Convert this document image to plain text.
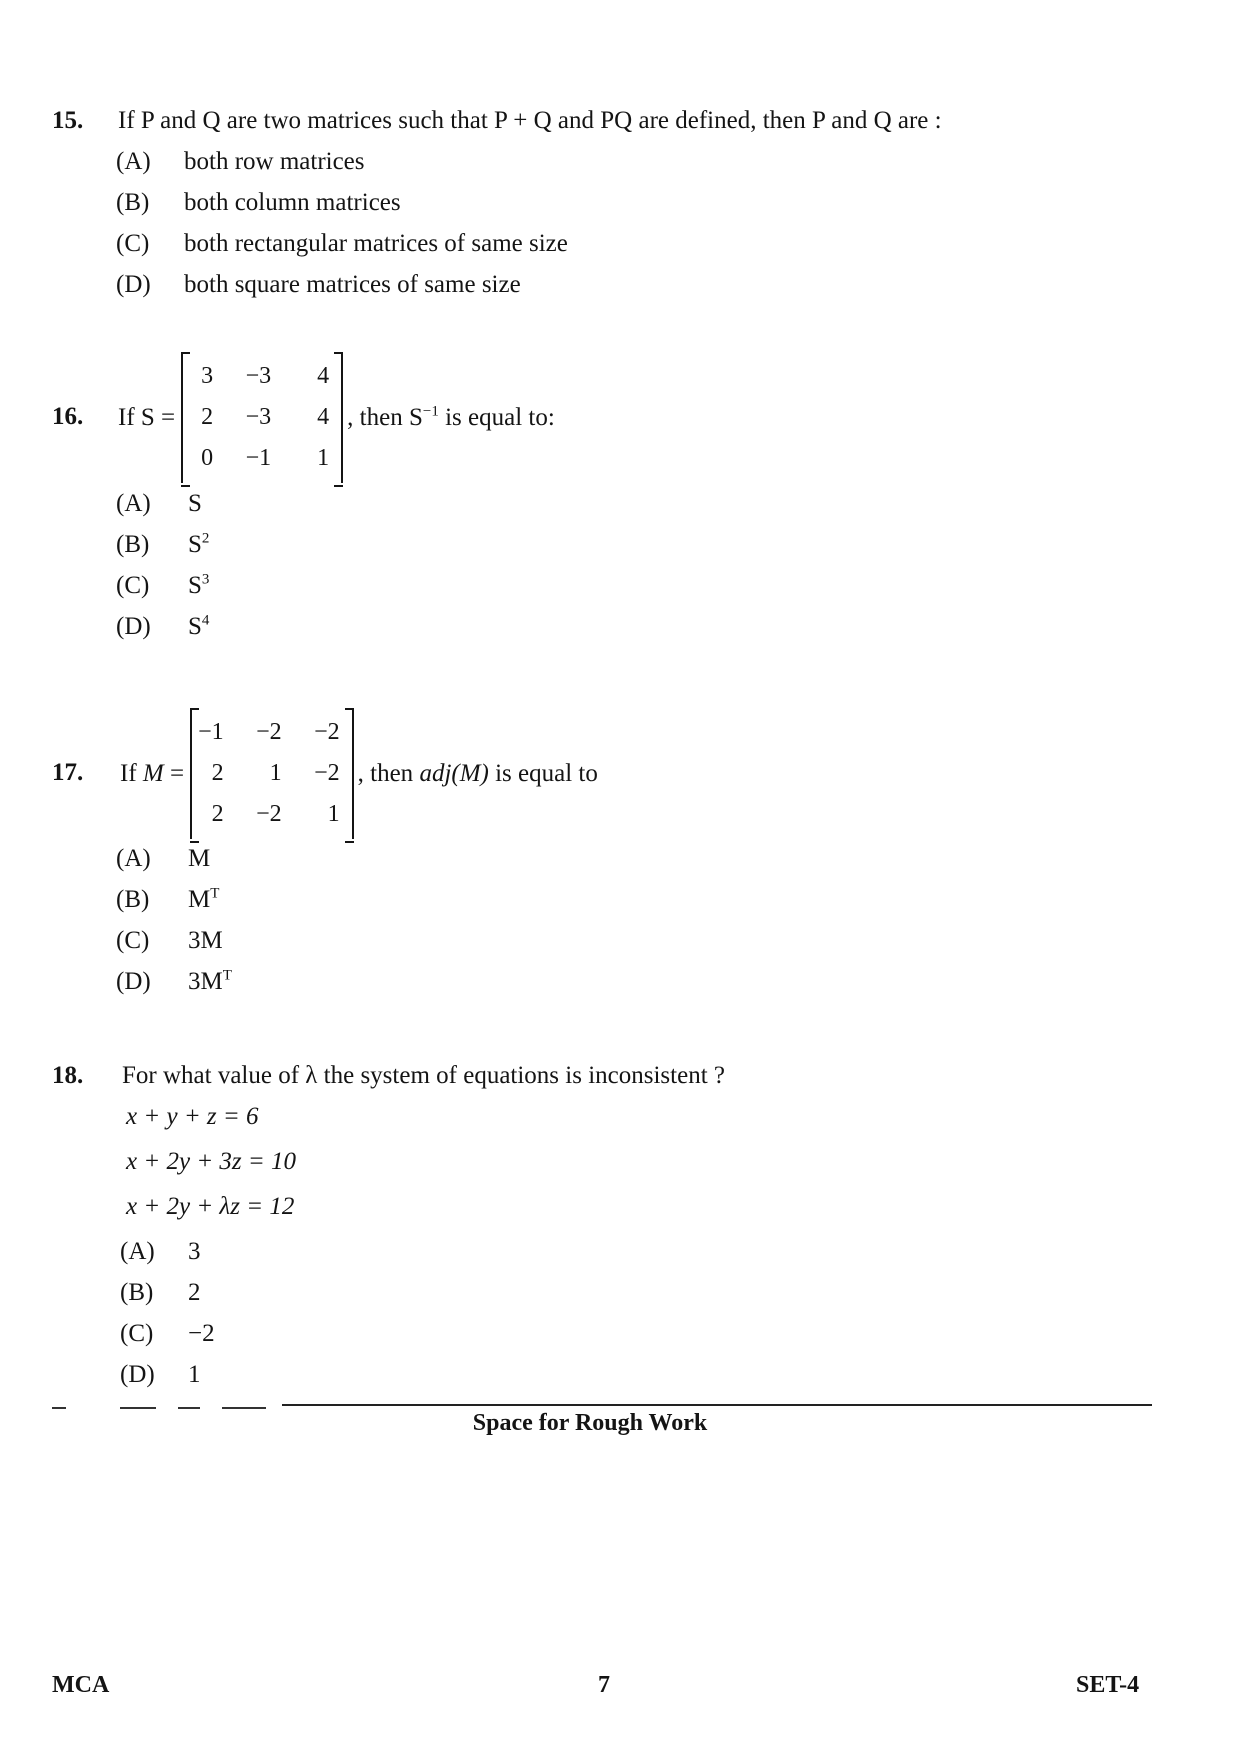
15. If P and Q are two matrices such that P + Q and PQ are defined, then P and Q are :
(A) both row matrices
(B) both column matrices
(C) both rectangular matrices of same size
(D) both square matrices of same size
16. If S =
3	−3	4
2	−3	4
0	−1	1
, then $S^{-1}$ is equal to:
(A) S
(B) $S^2$
(C) $S^3$
(D) $S^4$
17. If M =
−1	−2	−2
2	1	−2
2	−2	1
, then adj(M) is equal to
(A) M
(B) $M^T$
(C) 3M
(D) $3M^T$
18. For what value of λ the system of equations is inconsistent ?
x + y + z = 6
x + 2y + 3z = 10
x + 2y + λz = 12
(A) 3
(B) 2
(C) −2
(D) 1
Space for Rough Work
MCA	7	SET-4
